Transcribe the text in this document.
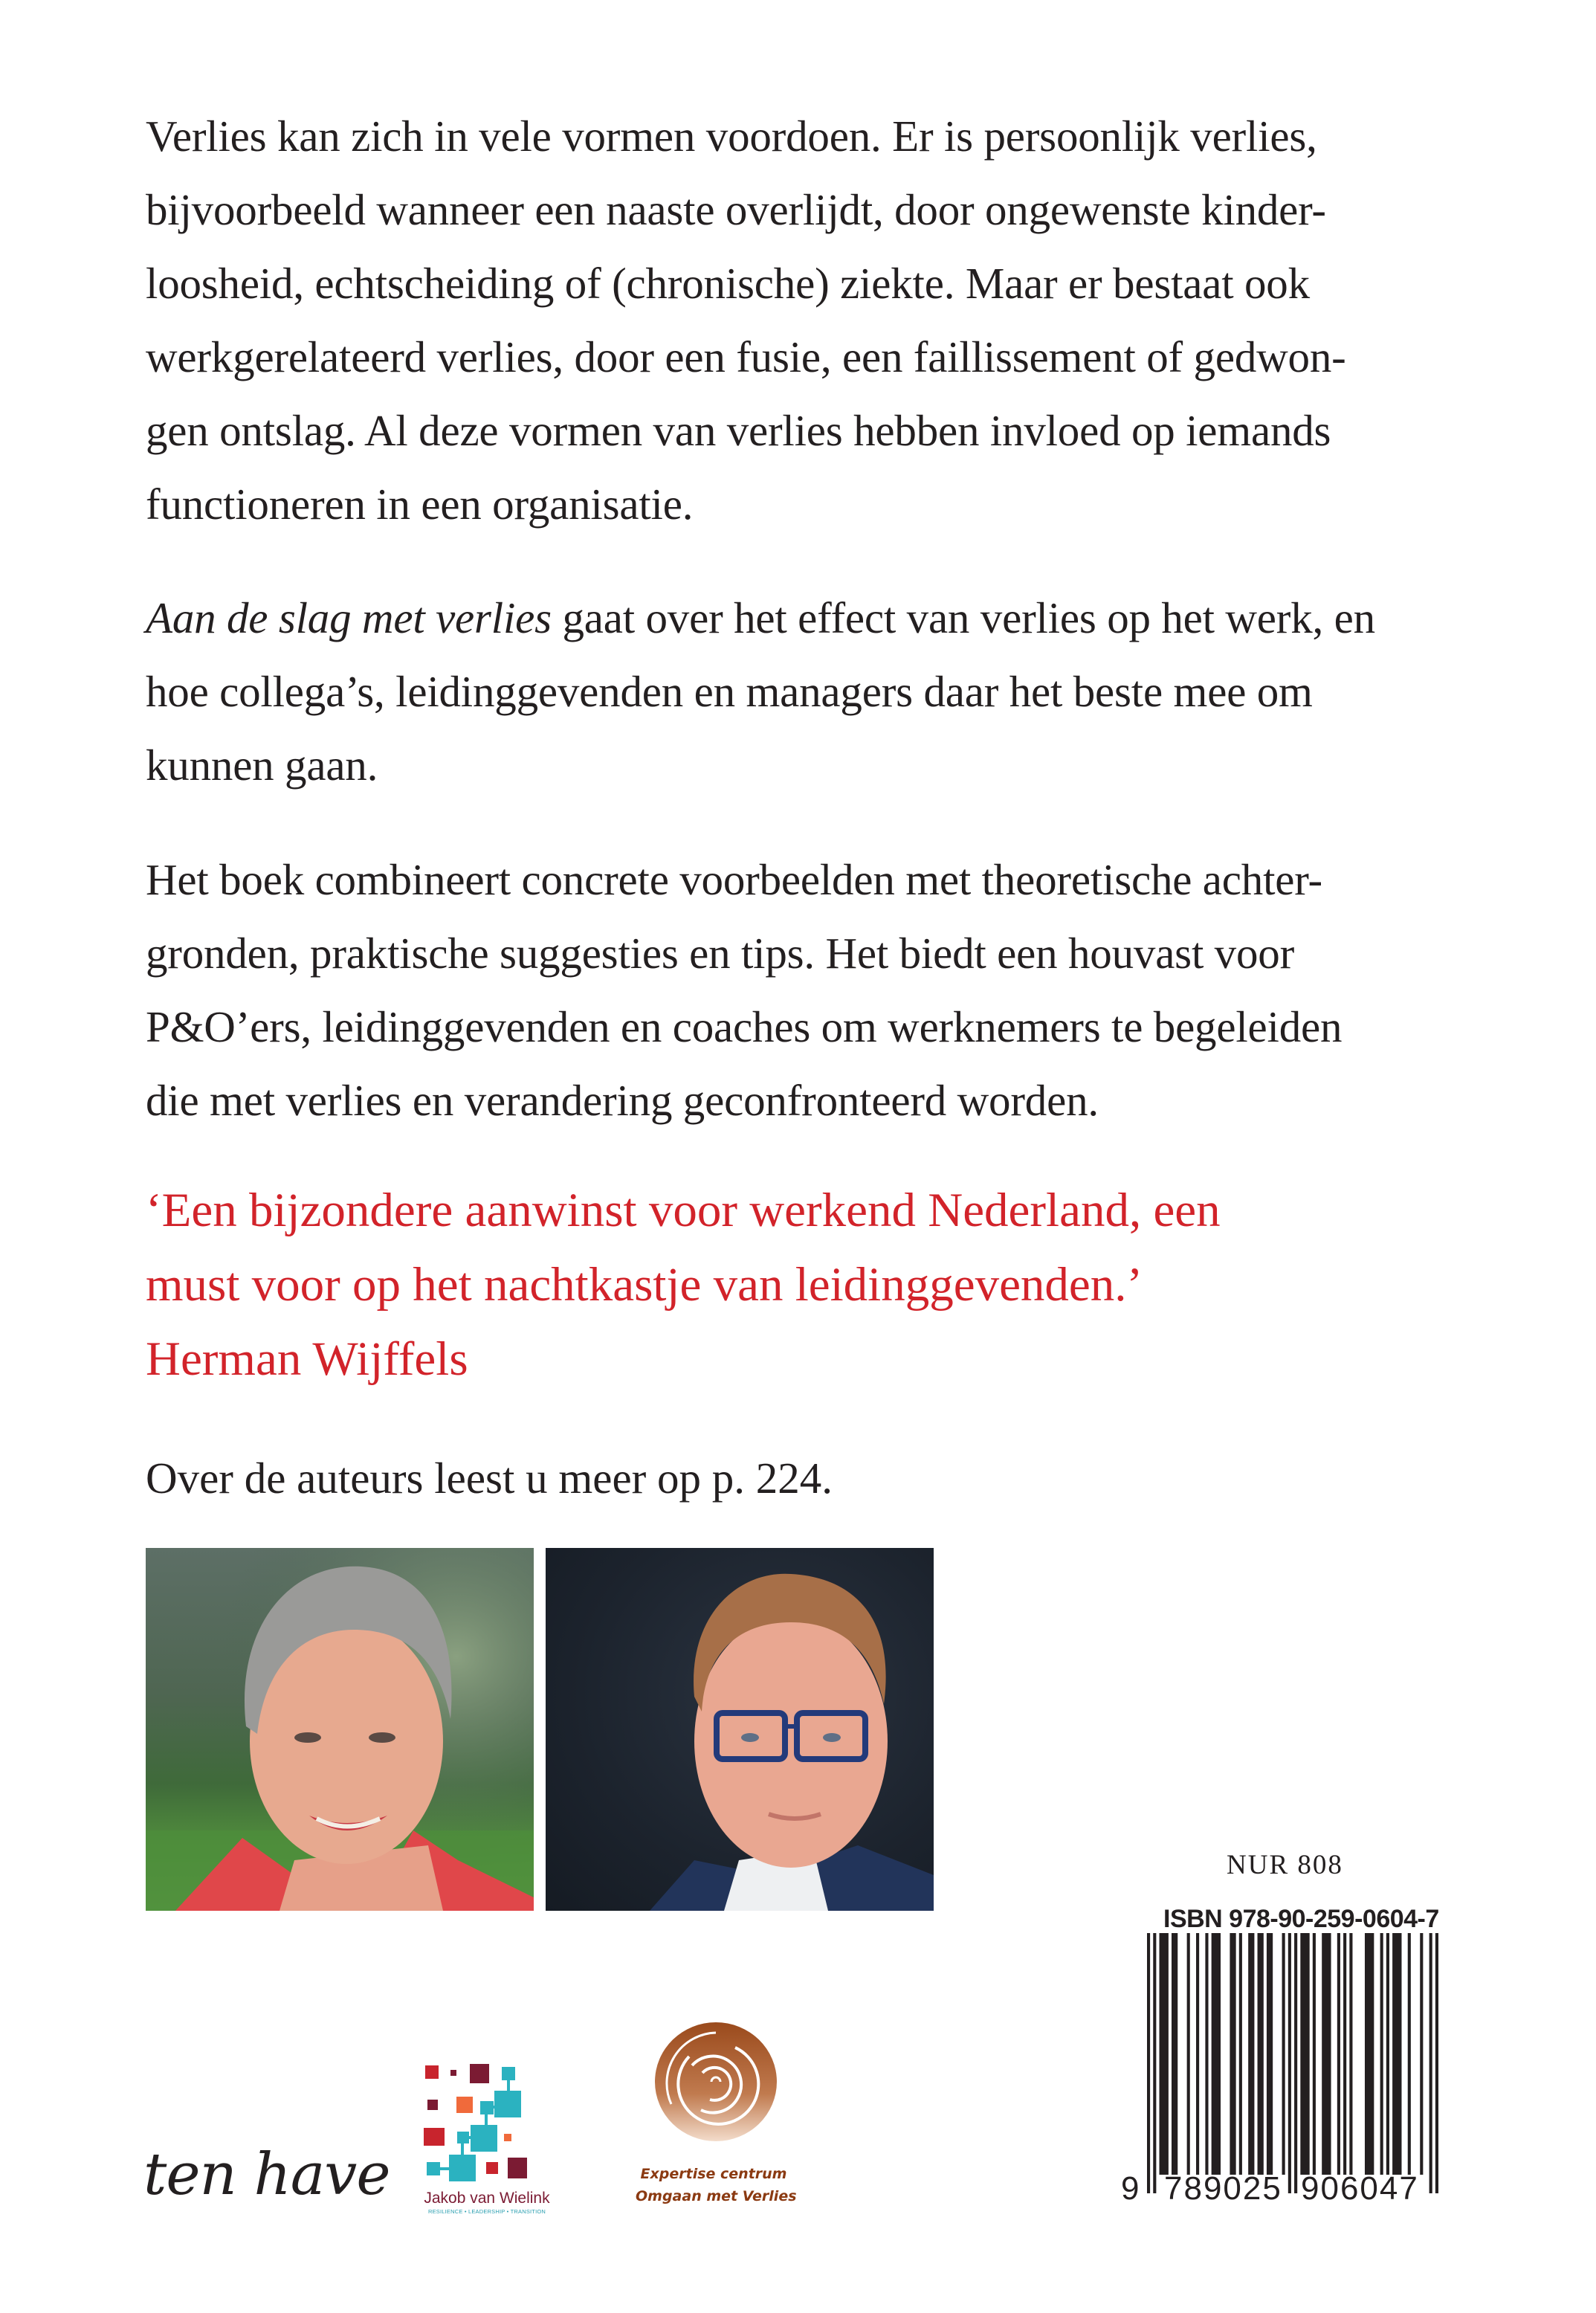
Verlies kan zich in vele vormen voordoen. Er is persoonlijk verlies,
bijvoorbeeld wanneer een naaste overlijdt, door ongewenste kinder-
loosheid, echtscheiding of (chronische) ziekte. Maar er bestaat ook
werkgerelateerd verlies, door een fusie, een faillissement of gedwon-
gen ontslag. Al deze vormen van verlies hebben invloed op iemands
functioneren in een organisatie.
Aan de slag met verlies gaat over het effect van verlies op het werk, en
hoe collega’s, leidinggevenden en managers daar het beste mee om
kunnen gaan.
Het boek combineert concrete voorbeelden met theoretische achter-
gronden, praktische suggesties en tips. Het biedt een houvast voor
P&O’ers, leidinggevenden en coaches om werknemers te begeleiden
die met verlies en verandering geconfronteerd worden.
‘Een bijzondere aanwinst voor werkend Nederland, een
must voor op het nachtkastje van leidinggevenden.’
Herman Wijffels
Over de auteurs leest u meer op p. 224.
NUR 808
ISBN 978-90-259-0604-7
9 789025 906047
ten have	Jakob van Wielink
RESILIENCE • LEADERSHIP • TRANSITION
Expertise centrum
Omgaan met Verlies
